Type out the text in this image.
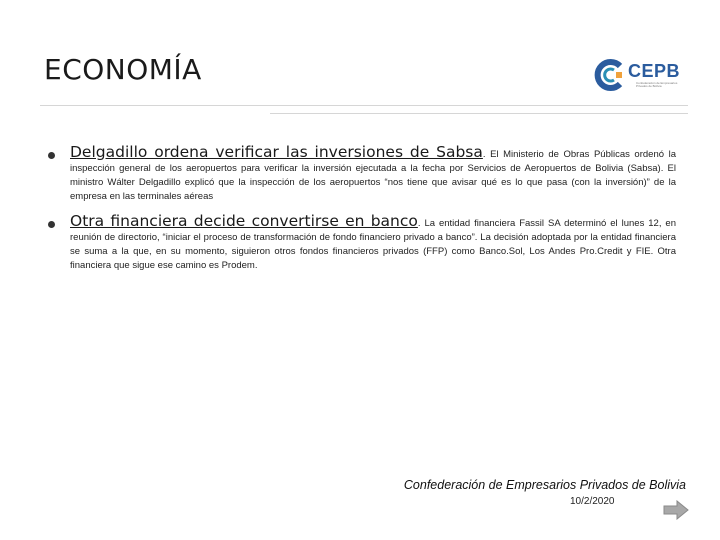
ECONOMÍA	CEPB
Confederación de Empresarios Privados de Bolivia
Delgadillo ordena verificar las inversiones de Sabsa. El Ministerio de Obras Públicas ordenó la inspección general de los aeropuertos para verificar la inversión ejecutada a la fecha por Servicios de Aeropuertos de Bolivia (Sabsa). El ministro Wálter Delgadillo explicó que la inspección de los aeropuertos “nos tiene que avisar qué es lo que pasa (con la inversión)” de la empresa en las terminales aéreas
Otra financiera decide convertirse en banco. La entidad financiera Fassil SA determinó el lunes 12, en reunión de directorio, “iniciar el proceso de transformación de fondo financiero privado a banco”. La decisión adoptada por la entidad financiera se suma a la que, en su momento, siguieron otros fondos financieros privados (FFP) como Banco.Sol, Los Andes Pro.Credit y FIE. Otra financiera que sigue ese camino es Prodem.
Confederación de Empresarios Privados de Bolivia
10/2/2020
